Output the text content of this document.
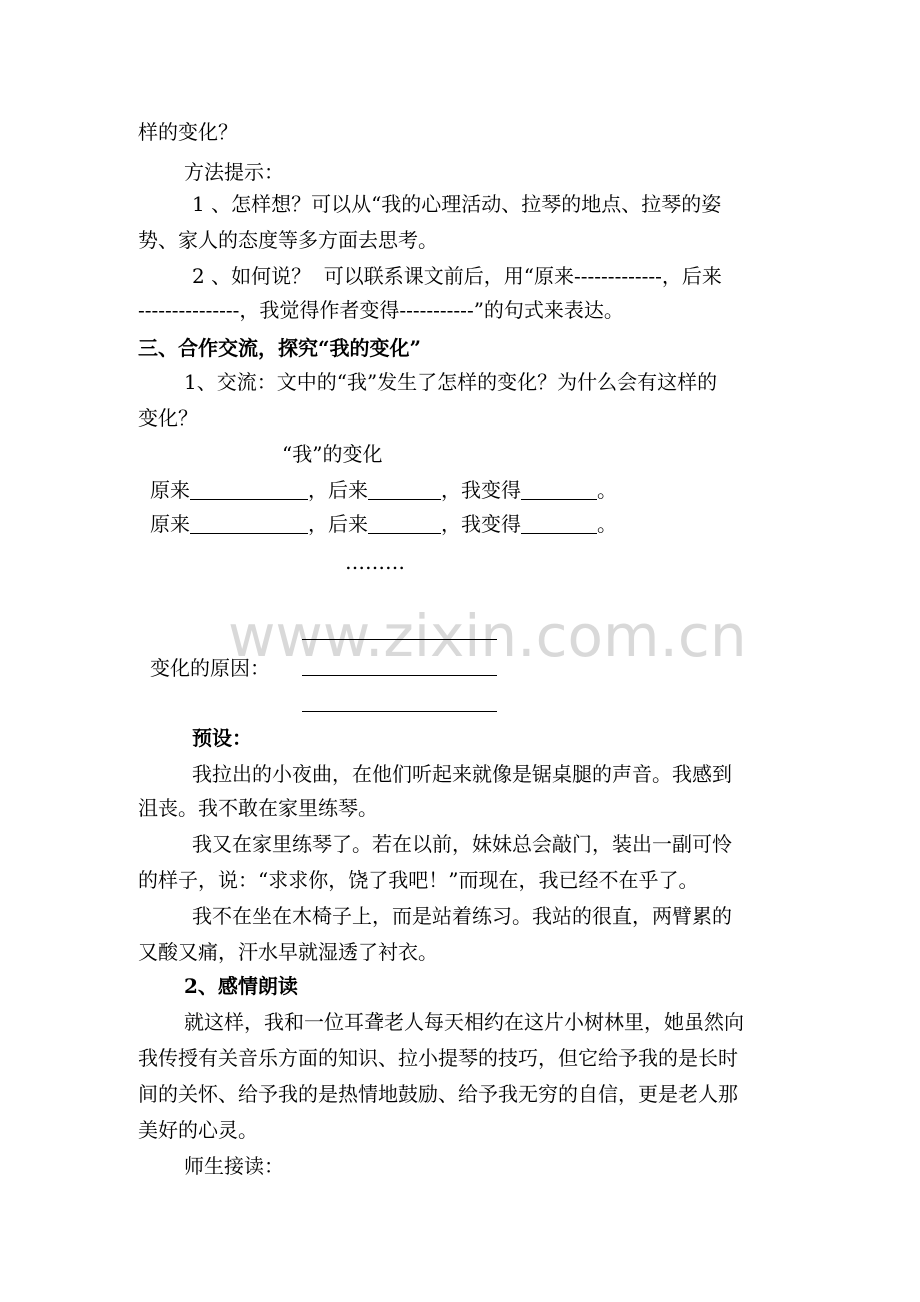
样的变化？

方法提示：

1 、怎样想？可以从“我的心理活动、拉琴的地点、拉琴的姿

势、家人的态度等多方面去思考。

2 、如何说？  可以联系课文前后，用“原来-------------，后来

---------------，我觉得作者变得-----------”的句式来表达。

三、合作交流，探究“我的变化”

1、交流：文中的“我”发生了怎样的变化？为什么会有这样的

变化？

“我”的变化

原来	，后来	，我变得	。

原来	，后来	，我变得	。

………

www.zixin.com.cn

变化的原因：

预设：

我拉出的小夜曲，在他们听起来就像是锯桌腿的声音。我感到

沮丧。我不敢在家里练琴。

我又在家里练琴了。若在以前，妹妹总会敲门，装出一副可怜

的样子，说：“求求你，饶了我吧！”而现在，我已经不在乎了。

我不在坐在木椅子上，而是站着练习。我站的很直，两臂累的

又酸又痛，汗水早就湿透了衬衣。

2、感情朗读

就这样，我和一位耳聋老人每天相约在这片小树林里，她虽然向

我传授有关音乐方面的知识、拉小提琴的技巧，但它给予我的是长时

间的关怀、给予我的是热情地鼓励、给予我无穷的自信，更是老人那

美好的心灵。

师生接读：
